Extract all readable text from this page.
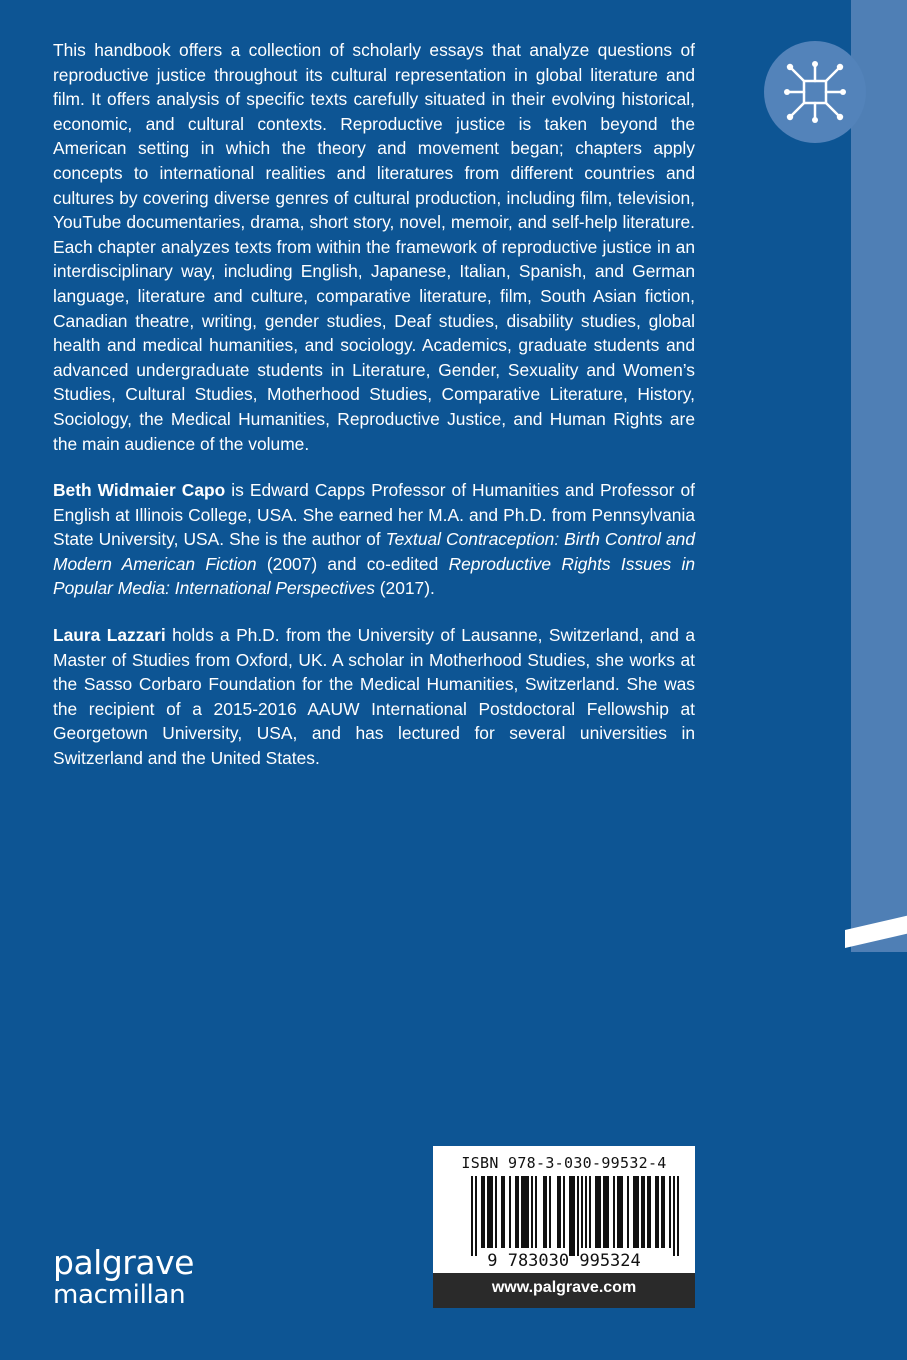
This handbook offers a collection of scholarly essays that analyze questions of reproductive justice throughout its cultural representation in global literature and film. It offers analysis of specific texts carefully situated in their evolving historical, economic, and cultural contexts. Reproductive justice is taken beyond the American setting in which the theory and movement began; chapters apply concepts to international realities and literatures from different countries and cultures by covering diverse genres of cultural production, including film, television, YouTube documentaries, drama, short story, novel, memoir, and self-help literature. Each chapter analyzes texts from within the framework of reproductive justice in an interdisciplinary way, including English, Japanese, Italian, Spanish, and German language, literature and culture, comparative literature, film, South Asian fiction, Canadian theatre, writing, gender studies, Deaf studies, disability studies, global health and medical humanities, and sociology. Academics, graduate students and advanced undergraduate students in Literature, Gender, Sexuality and Women’s Studies, Cultural Studies, Motherhood Studies, Comparative Literature, History, Sociology, the Medical Humanities, Reproductive Justice, and Human Rights are the main audience of the volume.

Beth Widmaier Capo is Edward Capps Professor of Humanities and Professor of English at Illinois College, USA. She earned her M.A. and Ph.D. from Pennsylvania State University, USA. She is the author of Textual Contraception: Birth Control and Modern American Fiction (2007) and co-edited Reproductive Rights Issues in Popular Media: International Perspectives (2017).

Laura Lazzari holds a Ph.D. from the University of Lausanne, Switzerland, and a Master of Studies from Oxford, UK. A scholar in Motherhood Studies, she works at the Sasso Corbaro Foundation for the Medical Humanities, Switzerland. She was the recipient of a 2015-2016 AAUW International Postdoctoral Fellowship at Georgetown University, USA, and has lectured for several universities in Switzerland and the United States.

palgrave
macmillan
ISBN 978-3-030-99532-4
9 783030 995324
www.palgrave.com
